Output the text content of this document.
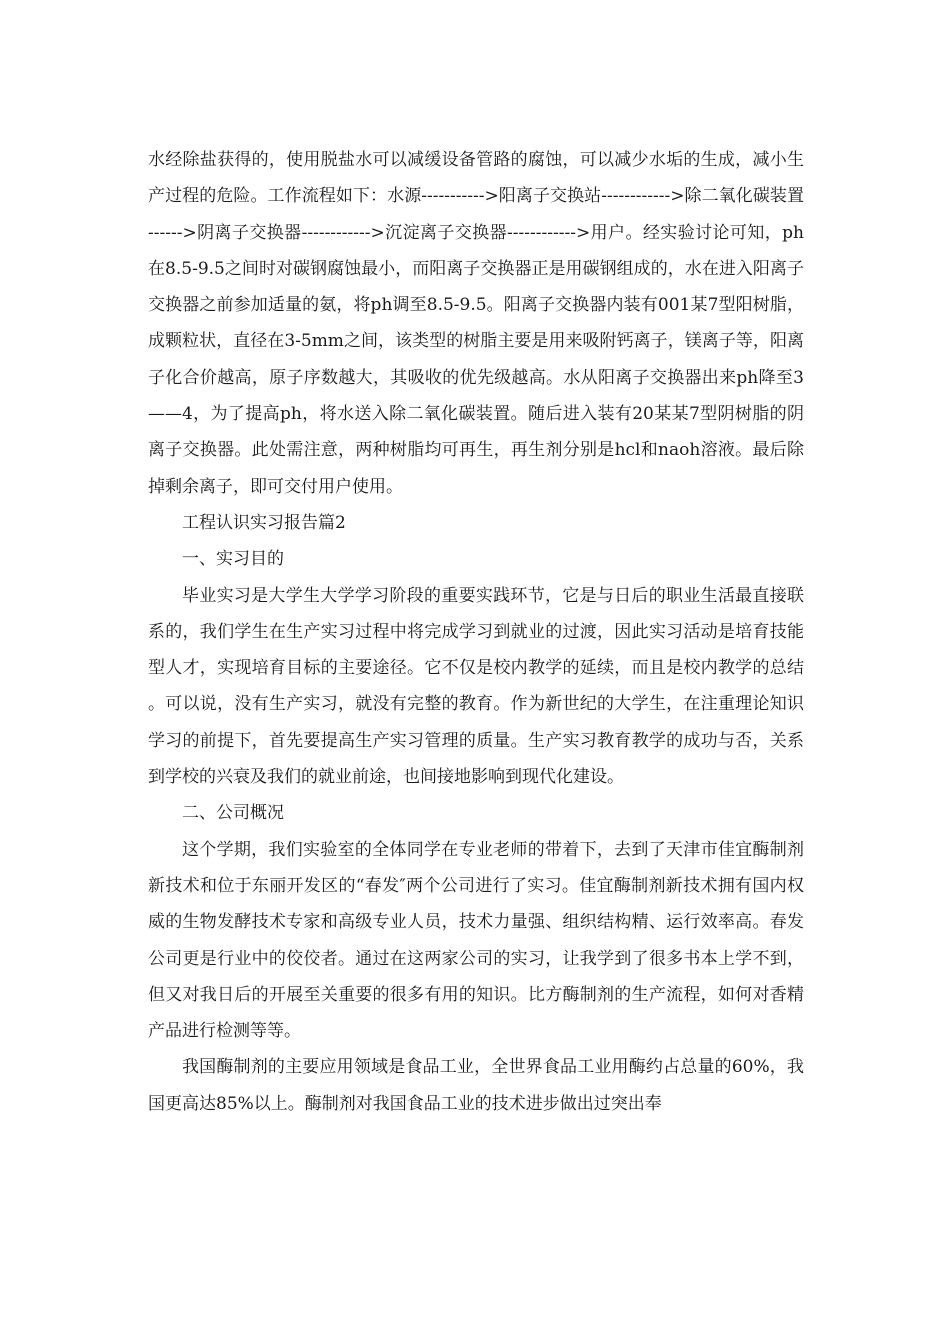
水经除盐获得的，使用脱盐水可以减缓设备管路的腐蚀，可以减少水垢的生成，减小生产过程的危险。工作流程如下：水源----------->阳离子交换站------------>除二氧化碳装置------>阴离子交换器------------>沉淀离子交换器------------>用户。经实验讨论可知，ph在8.5-9.5之间时对碳钢腐蚀最小，而阳离子交换器正是用碳钢组成的，水在进入阳离子交换器之前参加适量的氨，将ph调至8.5-9.5。阳离子交换器内装有001某7型阳树脂，成颗粒状，直径在3-5mm之间，该类型的树脂主要是用来吸附钙离子，镁离子等，阳离子化合价越高，原子序数越大，其吸收的优先级越高。水从阳离子交换器出来ph降至3——4，为了提高ph，将水送入除二氧化碳装置。随后进入装有20某某7型阴树脂的阴离子交换器。此处需注意，两种树脂均可再生，再生剂分别是hcl和naoh溶液。最后除掉剩余离子，即可交付用户使用。

工程认识实习报告篇2

一、实习目的

毕业实习是大学生大学学习阶段的重要实践环节，它是与日后的职业生活最直接联系的，我们学生在生产实习过程中将完成学习到就业的过渡，因此实习活动是培育技能型人才，实现培育目标的主要途径。它不仅是校内教学的延续，而且是校内教学的总结。可以说，没有生产实习，就没有完整的教育。作为新世纪的大学生，在注重理论知识学习的前提下，首先要提高生产实习管理的质量。生产实习教育教学的成功与否，关系到学校的兴衰及我们的就业前途，也间接地影响到现代化建设。

二、公司概况

这个学期，我们实验室的全体同学在专业老师的带着下，去到了天津市佳宜酶制剂新技术和位于东丽开发区的“春发″两个公司进行了实习。佳宜酶制剂新技术拥有国内权威的生物发酵技术专家和高级专业人员，技术力量强、组织结构精、运行效率高。春发公司更是行业中的佼佼者。通过在这两家公司的实习，让我学到了很多书本上学不到，但又对我日后的开展至关重要的很多有用的知识。比方酶制剂的生产流程，如何对香精产品进行检测等等。

我国酶制剂的主要应用领域是食品工业，全世界食品工业用酶约占总量的60%，我国更高达85%以上。酶制剂对我国食品工业的技术进步做出过突出奉
